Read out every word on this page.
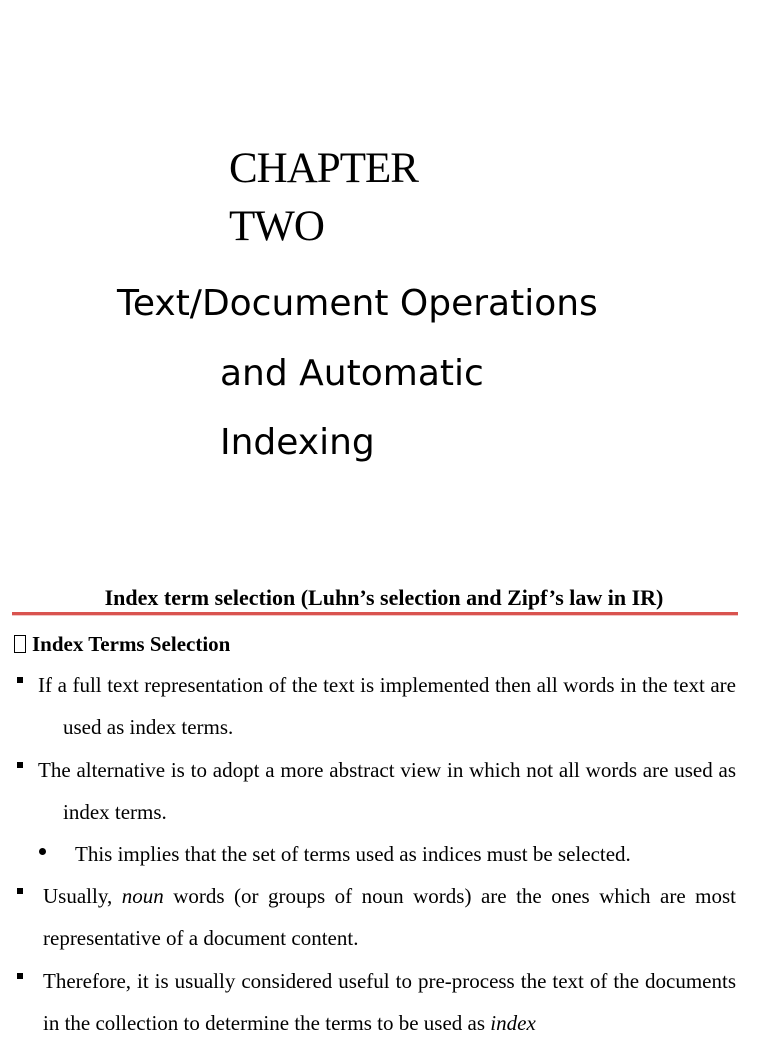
CHAPTER
TWO
Text/Document Operations
and Automatic
Indexing
Index term selection (Luhn’s selection and Zipf’s law in IR)
Index Terms Selection
If a full text representation of the text is implemented then all words in the text are used as index terms.
The alternative is to adopt a more abstract view in which not all words are used as index terms.
This implies that the set of terms used as indices must be selected.
Usually, noun words (or groups of noun words) are the ones which are most representative of a document content.
Therefore, it is usually considered useful to pre-process the text of the documents in the collection to determine the terms to be used as index
